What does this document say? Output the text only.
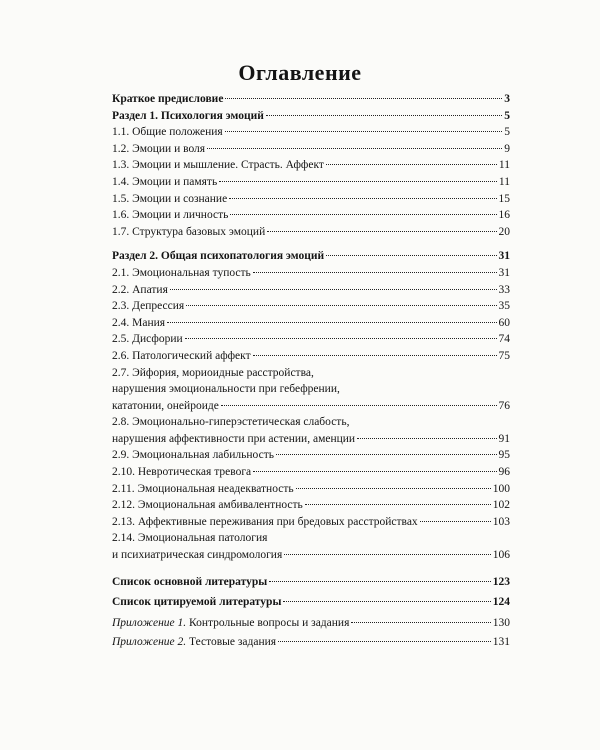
Оглавление
Краткое предисловие	3
Раздел 1. Психология эмоций	5
1.1. Общие положения	5
1.2. Эмоции и воля	9
1.3. Эмоции и мышление. Страсть. Аффект	11
1.4. Эмоции и память	11
1.5. Эмоции и сознание	15
1.6. Эмоции и личность	16
1.7. Структура базовых эмоций	20
Раздел 2. Общая психопатология эмоций	31
2.1. Эмоциональная тупость	31
2.2. Апатия	33
2.3. Депрессия	35
2.4. Мания	60
2.5. Дисфории	74
2.6. Патологический аффект	75
2.7. Эйфория, мориоидные расстройства,
нарушения эмоциональности при гебефрении,
кататонии, онейроиде	76
2.8. Эмоционально-гиперэстетическая слабость,
нарушения аффективности при астении, аменции	91
2.9. Эмоциональная лабильность	95
2.10. Невротическая тревога	96
2.11. Эмоциональная неадекватность	100
2.12. Эмоциональная амбивалентность	102
2.13. Аффективные переживания при бредовых расстройствах	103
2.14. Эмоциональная патология
и психиатрическая синдромология	106
Список основной литературы	123
Список цитируемой литературы	124
Приложение 1. Контрольные вопросы и задания	130
Приложение 2. Тестовые задания	131
